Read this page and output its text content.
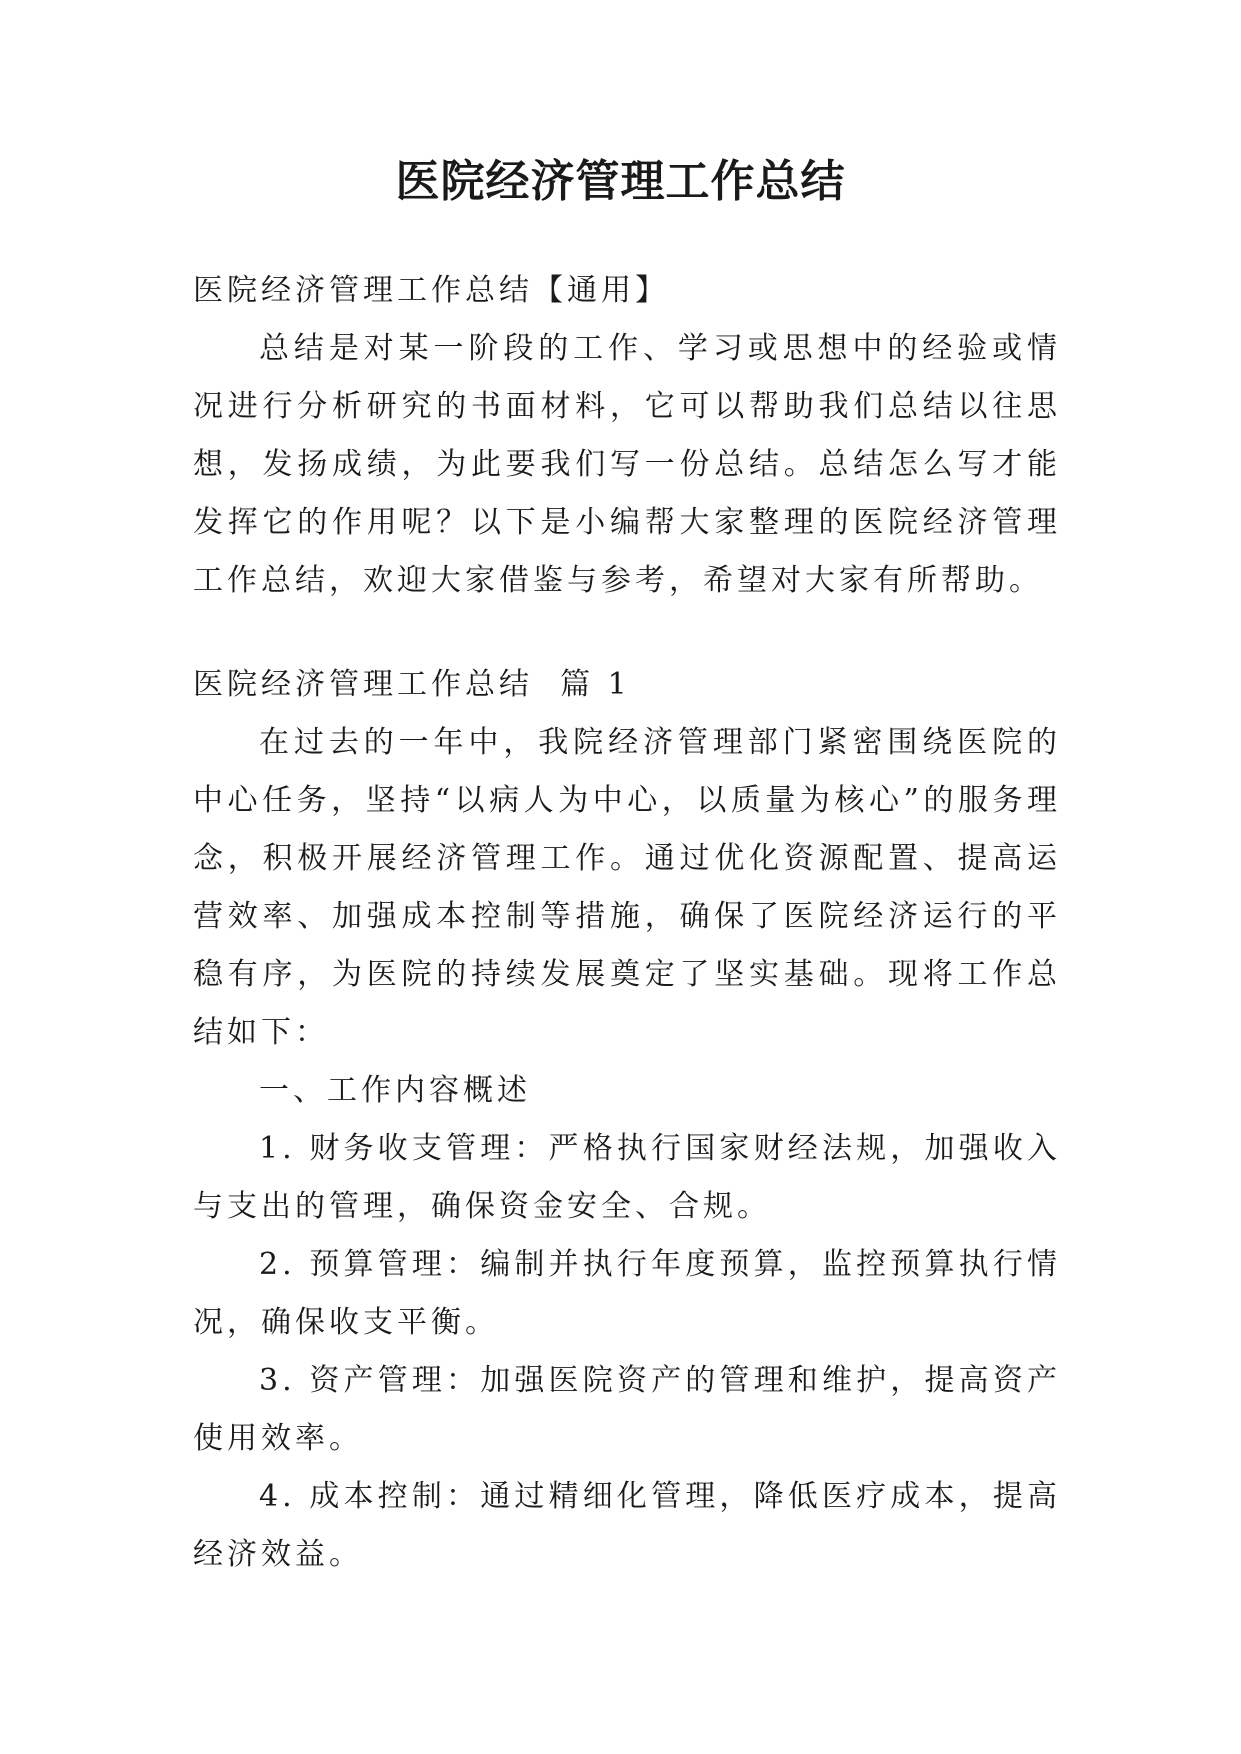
医院经济管理工作总结

医院经济管理工作总结【通用】

总结是对某一阶段的工作、学习或思想中的经验或情况进行分析研究的书面材料，它可以帮助我们总结以往思想，发扬成绩，为此要我们写一份总结。总结怎么写才能发挥它的作用呢？以下是小编帮大家整理的医院经济管理工作总结，欢迎大家借鉴与参考，希望对大家有所帮助。

医院经济管理工作总结  篇 1

在过去的一年中，我院经济管理部门紧密围绕医院的中心任务，坚持“以病人为中心，以质量为核心”的服务理念，积极开展经济管理工作。通过优化资源配置、提高运营效率、加强成本控制等措施，确保了医院经济运行的平稳有序，为医院的持续发展奠定了坚实基础。现将工作总结如下：

一、工作内容概述

1. 财务收支管理：严格执行国家财经法规，加强收入与支出的管理，确保资金安全、合规。

2. 预算管理：编制并执行年度预算，监控预算执行情况，确保收支平衡。

3. 资产管理：加强医院资产的管理和维护，提高资产使用效率。

4. 成本控制：通过精细化管理，降低医疗成本，提高经济效益。
